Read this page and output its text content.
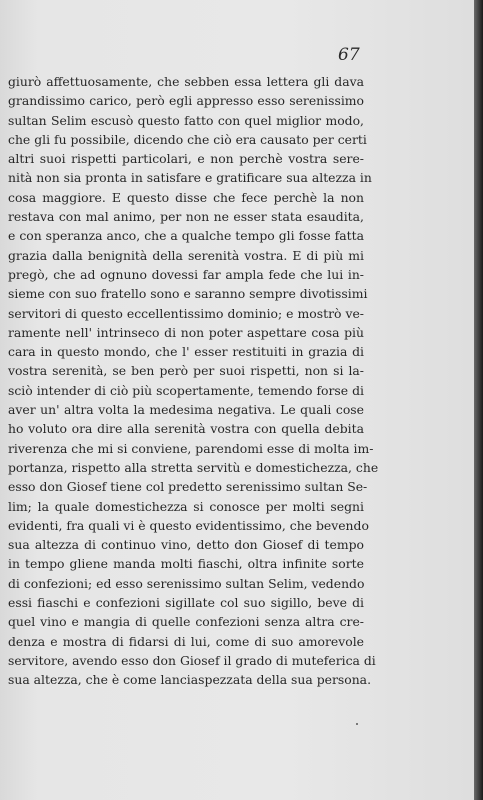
67
giurò affettuosamente, che sebben essa lettera gli dava
grandissimo carico, però egli appresso esso serenissimo
sultan Selim escusò questo fatto con quel miglior modo,
che gli fu possibile, dicendo che ciò era causato per certi
altri suoi rispetti particolari, e non perchè vostra sere-
nità non sia pronta in satisfare e gratificare sua altezza in
cosa maggiore. E questo disse che fece perchè la non
restava con mal animo, per non ne esser stata esaudita,
e con speranza anco, che a qualche tempo gli fosse fatta
grazia dalla benignità della serenità vostra. E di più mi
pregò, che ad ognuno dovessi far ampla fede che lui in-
sieme con suo fratello sono e saranno sempre divotissimi
servitori di questo eccellentissimo dominio; e mostrò ve-
ramente nell' intrinseco di non poter aspettare cosa più
cara in questo mondo, che l' esser restituiti in grazia di
vostra serenità, se ben però per suoi rispetti, non si la-
sciò intender di ciò più scopertamente, temendo forse di
aver un' altra volta la medesima negativa. Le quali cose
ho voluto ora dire alla serenità vostra con quella debita
riverenza che mi si conviene, parendomi esse di molta im-
portanza, rispetto alla stretta servitù e domestichezza, che
esso don Giosef tiene col predetto serenissimo sultan Se-
lim; la quale domestichezza si conosce per molti segni
evidenti, fra quali vi è questo evidentissimo, che bevendo
sua altezza di continuo vino, detto don Giosef di tempo
in tempo gliene manda molti fiaschi, oltra infinite sorte
di confezioni; ed esso serenissimo sultan Selim, vedendo
essi fiaschi e confezioni sigillate col suo sigillo, beve di
quel vino e mangia di quelle confezioni senza altra cre-
denza e mostra di fidarsi di lui, come di suo amorevole
servitore, avendo esso don Giosef il grado di muteferica di
sua altezza, che è come lanciaspezzata della sua persona.
